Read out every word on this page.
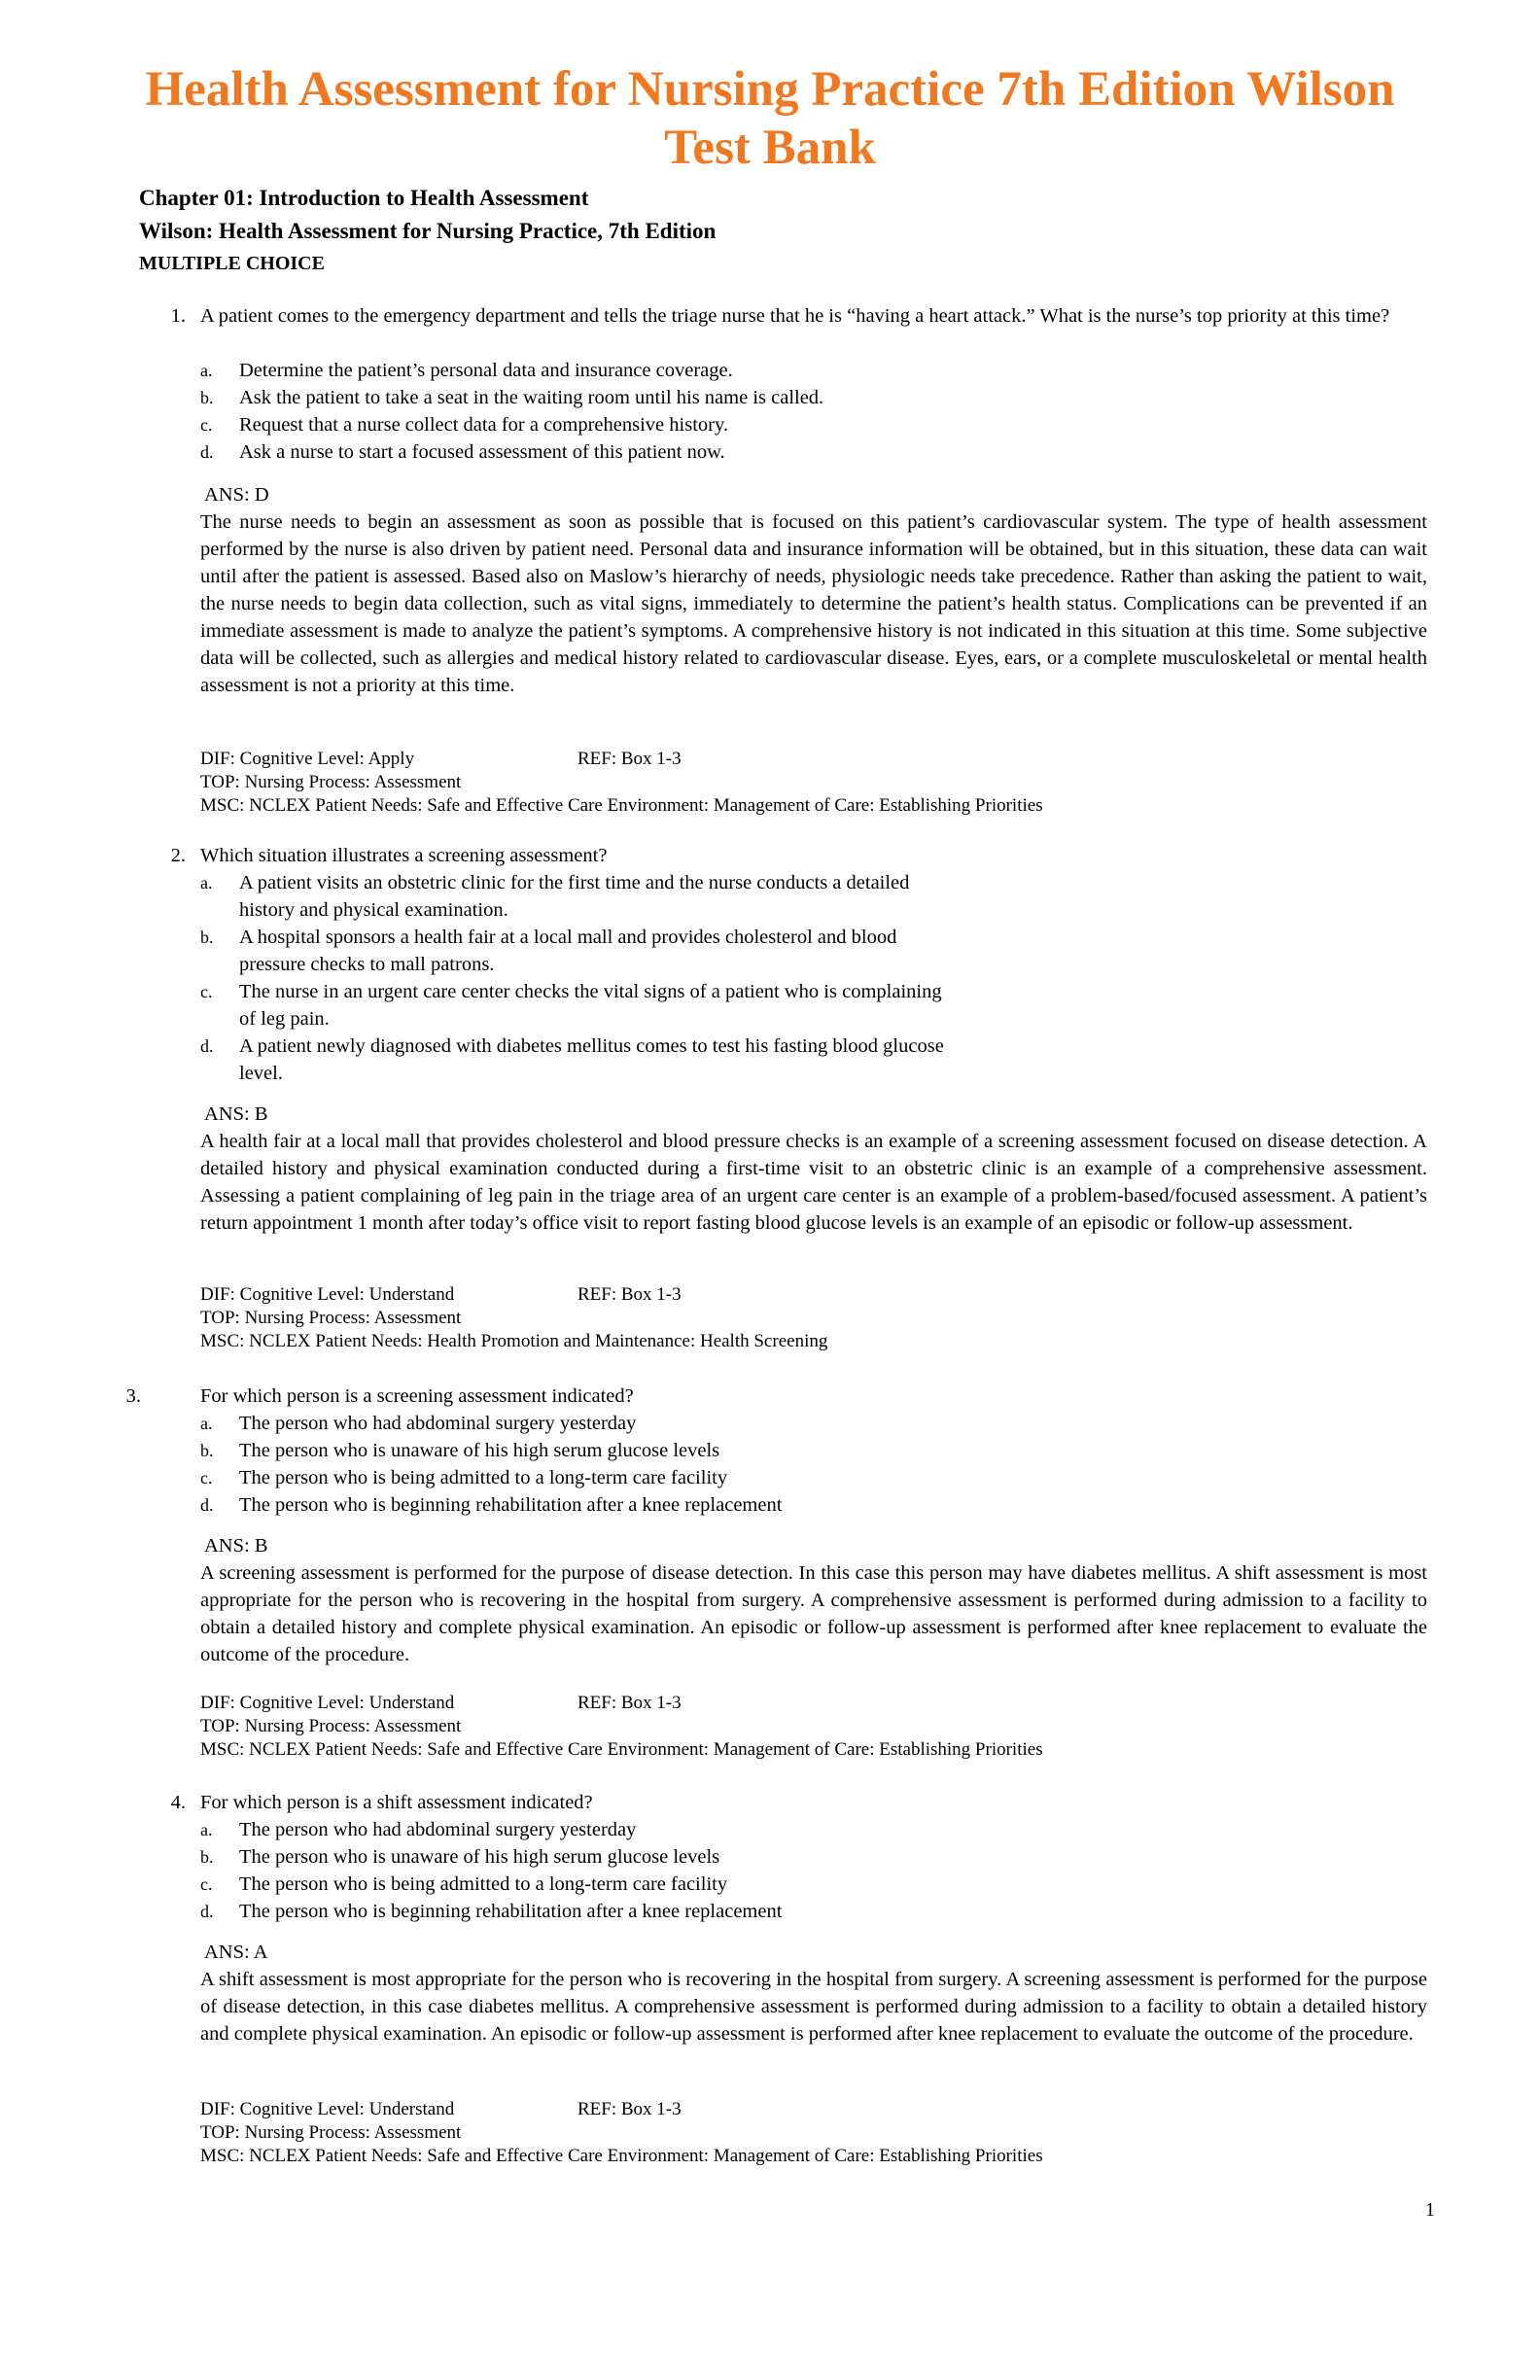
Health Assessment for Nursing Practice 7th Edition Wilson Test Bank
Chapter 01: Introduction to Health Assessment
Wilson: Health Assessment for Nursing Practice, 7th Edition
MULTIPLE CHOICE
1. A patient comes to the emergency department and tells the triage nurse that he is “having a heart attack.” What is the nurse’s top priority at this time?
a.	Determine the patient’s personal data and insurance coverage.
b.	Ask the patient to take a seat in the waiting room until his name is called.
c.	Request that a nurse collect data for a comprehensive history.
d.	Ask a nurse to start a focused assessment of this patient now.
ANS: D
The nurse needs to begin an assessment as soon as possible that is focused on this patient’s cardiovascular system. The type of health assessment performed by the nurse is also driven by patient need. Personal data and insurance information will be obtained, but in this situation, these data can wait until after the patient is assessed. Based also on Maslow’s hierarchy of needs, physiologic needs take precedence. Rather than asking the patient to wait, the nurse needs to begin data collection, such as vital signs, immediately to determine the patient’s health status. Complications can be prevented if an immediate assessment is made to analyze the patient’s symptoms. A comprehensive history is not indicated in this situation at this time. Some subjective data will be collected, such as allergies and medical history related to cardiovascular disease. Eyes, ears, or a complete musculoskeletal or mental health assessment is not a priority at this time.
DIF: Cognitive Level: Apply	REF: Box 1-3
TOP: Nursing Process: Assessment
MSC: NCLEX Patient Needs: Safe and Effective Care Environment: Management of Care: Establishing Priorities
2. Which situation illustrates a screening assessment?
a.	A patient visits an obstetric clinic for the first time and the nurse conducts a detailed history and physical examination.
b.	A hospital sponsors a health fair at a local mall and provides cholesterol and blood pressure checks to mall patrons.
c.	The nurse in an urgent care center checks the vital signs of a patient who is complaining of leg pain.
d.	A patient newly diagnosed with diabetes mellitus comes to test his fasting blood glucose level.
ANS: B
A health fair at a local mall that provides cholesterol and blood pressure checks is an example of a screening assessment focused on disease detection. A detailed history and physical examination conducted during a first-time visit to an obstetric clinic is an example of a comprehensive assessment. Assessing a patient complaining of leg pain in the triage area of an urgent care center is an example of a problem-based/focused assessment. A patient’s return appointment 1 month after today’s office visit to report fasting blood glucose levels is an example of an episodic or follow-up assessment.
DIF: Cognitive Level: Understand	REF: Box 1-3
TOP: Nursing Process: Assessment
MSC: NCLEX Patient Needs: Health Promotion and Maintenance: Health Screening
3.	For which person is a screening assessment indicated?
a.	The person who had abdominal surgery yesterday
b.	The person who is unaware of his high serum glucose levels
c.	The person who is being admitted to a long-term care facility
d.	The person who is beginning rehabilitation after a knee replacement
ANS: B
A screening assessment is performed for the purpose of disease detection. In this case this person may have diabetes mellitus. A shift assessment is most appropriate for the person who is recovering in the hospital from surgery. A comprehensive assessment is performed during admission to a facility to obtain a detailed history and complete physical examination. An episodic or follow-up assessment is performed after knee replacement to evaluate the outcome of the procedure.
DIF: Cognitive Level: Understand	REF: Box 1-3
TOP: Nursing Process: Assessment
MSC: NCLEX Patient Needs: Safe and Effective Care Environment: Management of Care: Establishing Priorities
4. For which person is a shift assessment indicated?
a.	The person who had abdominal surgery yesterday
b.	The person who is unaware of his high serum glucose levels
c.	The person who is being admitted to a long-term care facility
d.	The person who is beginning rehabilitation after a knee replacement
ANS: A
A shift assessment is most appropriate for the person who is recovering in the hospital from surgery. A screening assessment is performed for the purpose of disease detection, in this case diabetes mellitus. A comprehensive assessment is performed during admission to a facility to obtain a detailed history and complete physical examination. An episodic or follow-up assessment is performed after knee replacement to evaluate the outcome of the procedure.
DIF: Cognitive Level: Understand	REF: Box 1-3
TOP: Nursing Process: Assessment
MSC: NCLEX Patient Needs: Safe and Effective Care Environment: Management of Care: Establishing Priorities
1
